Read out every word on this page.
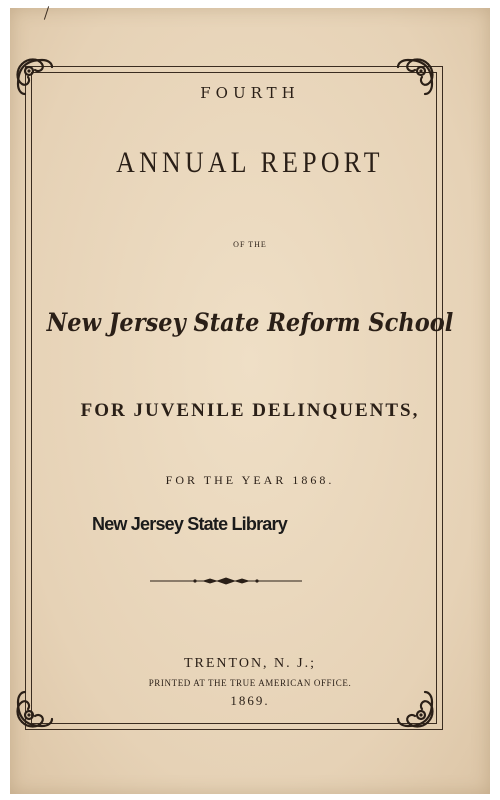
FOURTH
ANNUAL REPORT
OF THE
New Jersey State Reform School
FOR JUVENILE DELINQUENTS,
FOR THE YEAR 1868.
New Jersey State Library
TRENTON, N. J.;
PRINTED AT THE TRUE AMERICAN OFFICE.
1869.
